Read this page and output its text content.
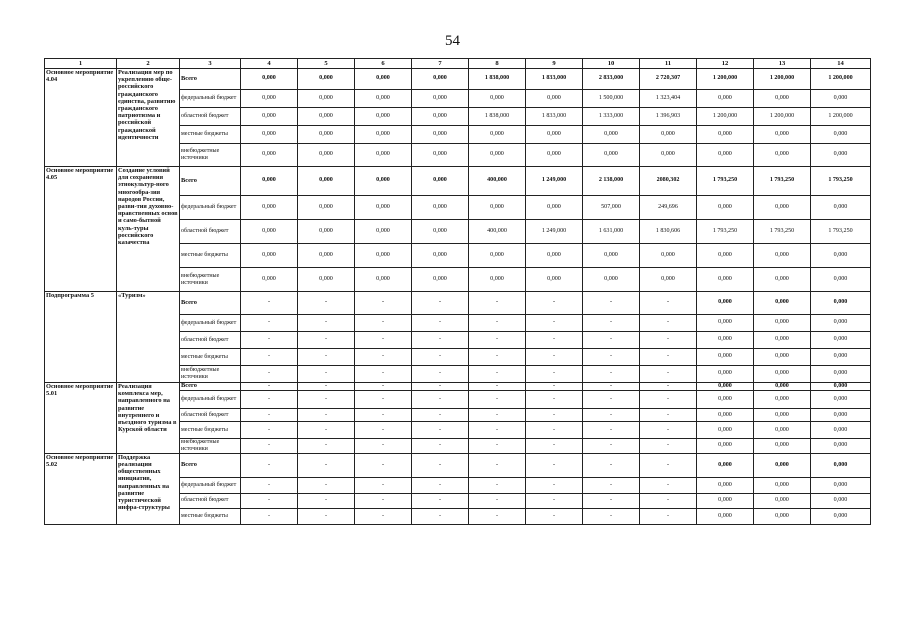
54
1	2	3	4	5	6	7	8	9	10	11	12	13	14
Основное мероприятие 4.04	Реализация мер по укреплению обще-российского гражданского единства, развитию гражданского патриотизма и российской гражданской идентичности	Всего	0,000	0,000	0,000	0,000	1 838,000	1 833,000	2 833,000	2 720,307	1 200,000	1 200,000	1 200,000
		федеральный бюджет	0,000	0,000	0,000	0,000	0,000	0,000	1 500,000	1 323,404	0,000	0,000	0,000
		областной бюджет	0,000	0,000	0,000	0,000	1 838,000	1 833,000	1 333,000	1 396,903	1 200,000	1 200,000	1 200,000
		местные бюджеты	0,000	0,000	0,000	0,000	0,000	0,000	0,000	0,000	0,000	0,000	0,000
		внебюджетные источники	0,000	0,000	0,000	0,000	0,000	0,000	0,000	0,000	0,000	0,000	0,000
Основное мероприятие 4.05	Создание условий для сохранения этнокультур-ного многообра-зия народов России, разви-тия духовно-нравственных основ и само-бытной куль-туры российского казачества	Всего	0,000	0,000	0,000	0,000	400,000	1 249,000	2 138,000	2080,302	1 793,250	1 793,250	1 793,250
		федеральный бюджет	0,000	0,000	0,000	0,000	0,000	0,000	507,000	249,696	0,000	0,000	0,000
		областной бюджет	0,000	0,000	0,000	0,000	400,000	1 249,000	1 631,000	1 830,606	1 793,250	1 793,250	1 793,250
		местные бюджеты	0,000	0,000	0,000	0,000	0,000	0,000	0,000	0,000	0,000	0,000	0,000
		внебюджетные источники	0,000	0,000	0,000	0,000	0,000	0,000	0,000	0,000	0,000	0,000	0,000
Подпрограмма 5	«Туризм»	Всего	-	-	-	-	-	-	-	-	0,000	0,000	0,000
		федеральный бюджет	-	-	-	-	-	-	-	-	0,000	0,000	0,000
		областной бюджет	-	-	-	-	-	-	-	-	0,000	0,000	0,000
		местные бюджеты	-	-	-	-	-	-	-	-	0,000	0,000	0,000
		внебюджетные источники	-	-	-	-	-	-	-	-	0,000	0,000	0,000
Основное мероприятие 5.01	Реализация комплекса мер, направленного на развитие внутреннего и въездного туризма в Курской области	Всего	-	-	-	-	-	-	-	-	0,000	0,000	0,000
		федеральный бюджет	-	-	-	-	-	-	-	-	0,000	0,000	0,000
		областной бюджет	-	-	-	-	-	-	-	-	0,000	0,000	0,000
		местные бюджеты	-	-	-	-	-	-	-	-	0,000	0,000	0,000
		внебюджетные источники	-	-	-	-	-	-	-	-	0,000	0,000	0,000
Основное мероприятие 5.02	Поддержка реализации общественных инициатив, направленных на развитие туристической инфра-структуры	Всего	-	-	-	-	-	-	-	-	0,000	0,000	0,000
		федеральный бюджет	-	-	-	-	-	-	-	-	0,000	0,000	0,000
		областной бюджет	-	-	-	-	-	-	-	-	0,000	0,000	0,000
		местные бюджеты	-	-	-	-	-	-	-	-	0,000	0,000	0,000
